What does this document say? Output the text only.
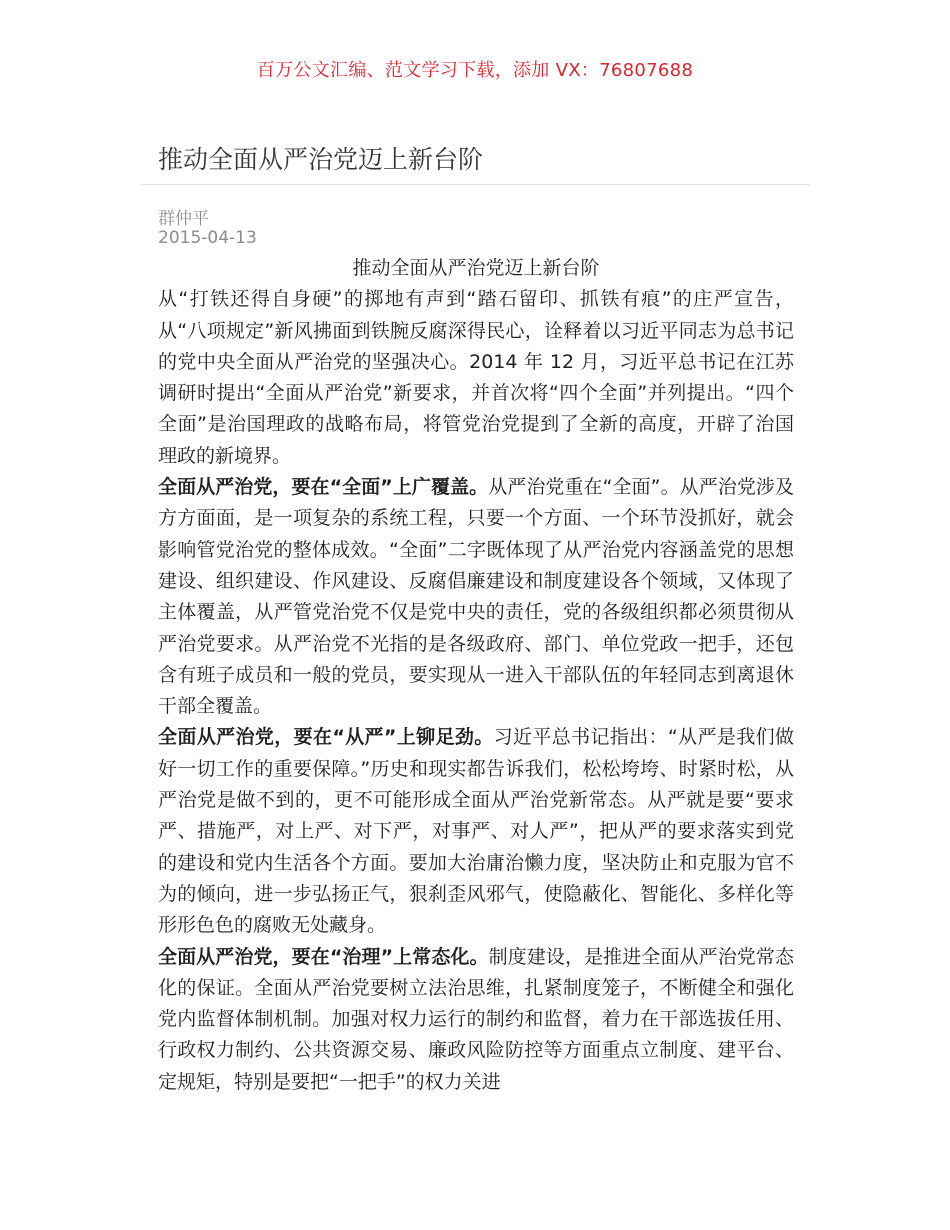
百万公文汇编、范文学习下载，添加 VX：76807688
推动全面从严治党迈上新台阶
群仲平
2015-04-13

推动全面从严治党迈上新台阶

从“打铁还得自身硬”的掷地有声到“踏石留印、抓铁有痕”的庄严宣告，从“八项规定”新风拂面到铁腕反腐深得民心，诠释着以习近平同志为总书记的党中央全面从严治党的坚强决心。2014 年 12 月，习近平总书记在江苏调研时提出“全面从严治党”新要求，并首次将“四个全面”并列提出。“四个全面”是治国理政的战略布局，将管党治党提到了全新的高度，开辟了治国理政的新境界。

全面从严治党，要在“全面”上广覆盖。从严治党重在“全面”。从严治党涉及方方面面，是一项复杂的系统工程，只要一个方面、一个环节没抓好，就会影响管党治党的整体成效。“全面”二字既体现了从严治党内容涵盖党的思想建设、组织建设、作风建设、反腐倡廉建设和制度建设各个领域，又体现了主体覆盖，从严管党治党不仅是党中央的责任，党的各级组织都必须贯彻从严治党要求。从严治党不光指的是各级政府、部门、单位党政一把手，还包含有班子成员和一般的党员，要实现从一进入干部队伍的年轻同志到离退休干部全覆盖。

全面从严治党，要在“从严”上铆足劲。习近平总书记指出：“从严是我们做好一切工作的重要保障。”历史和现实都告诉我们，松松垮垮、时紧时松，从严治党是做不到的，更不可能形成全面从严治党新常态。从严就是要“要求严、措施严，对上严、对下严，对事严、对人严”，把从严的要求落实到党的建设和党内生活各个方面。要加大治庸治懒力度，坚决防止和克服为官不为的倾向，进一步弘扬正气，狠刹歪风邪气，使隐蔽化、智能化、多样化等形形色色的腐败无处藏身。

全面从严治党，要在“治理”上常态化。制度建设，是推进全面从严治党常态化的保证。全面从严治党要树立法治思维，扎紧制度笼子，不断健全和强化党内监督体制机制。加强对权力运行的制约和监督，着力在干部选拔任用、行政权力制约、公共资源交易、廉政风险防控等方面重点立制度、建平台、定规矩，特别是要把“一把手”的权力关进
